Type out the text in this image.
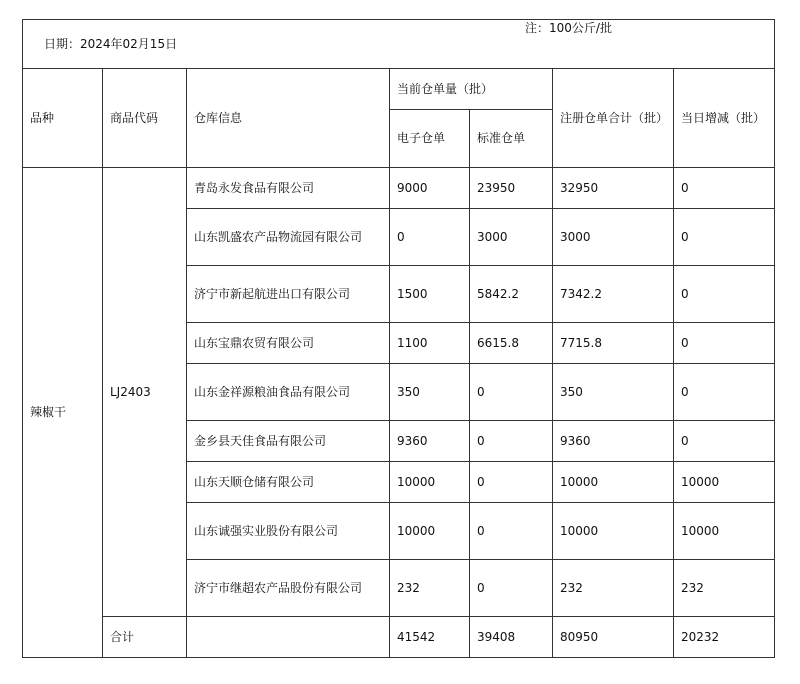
日期：2024年02月15日
注：100公斤/批						

品种	商品代码	仓库信息	当前仓单量（批）		注册仓单合计（批）	当日增减（批）
			电子仓单	标准仓单		
辣椒干	LJ2403	青岛永发食品有限公司	9000	23950	32950	0
		山东凯盛农产品物流园有限公司	0	3000	3000	0
		济宁市新起航进出口有限公司	1500	5842.2	7342.2	0
		山东宝鼎农贸有限公司	1100	6615.8	7715.8	0
		山东金祥源粮油食品有限公司	350	0	350	0
		金乡县天佳食品有限公司	9360	0	9360	0
		山东天顺仓储有限公司	10000	0	10000	10000
		山东诚强实业股份有限公司	10000	0	10000	10000
		济宁市继超农产品股份有限公司	232	0	232	232
	合计		41542	39408	80950	20232
